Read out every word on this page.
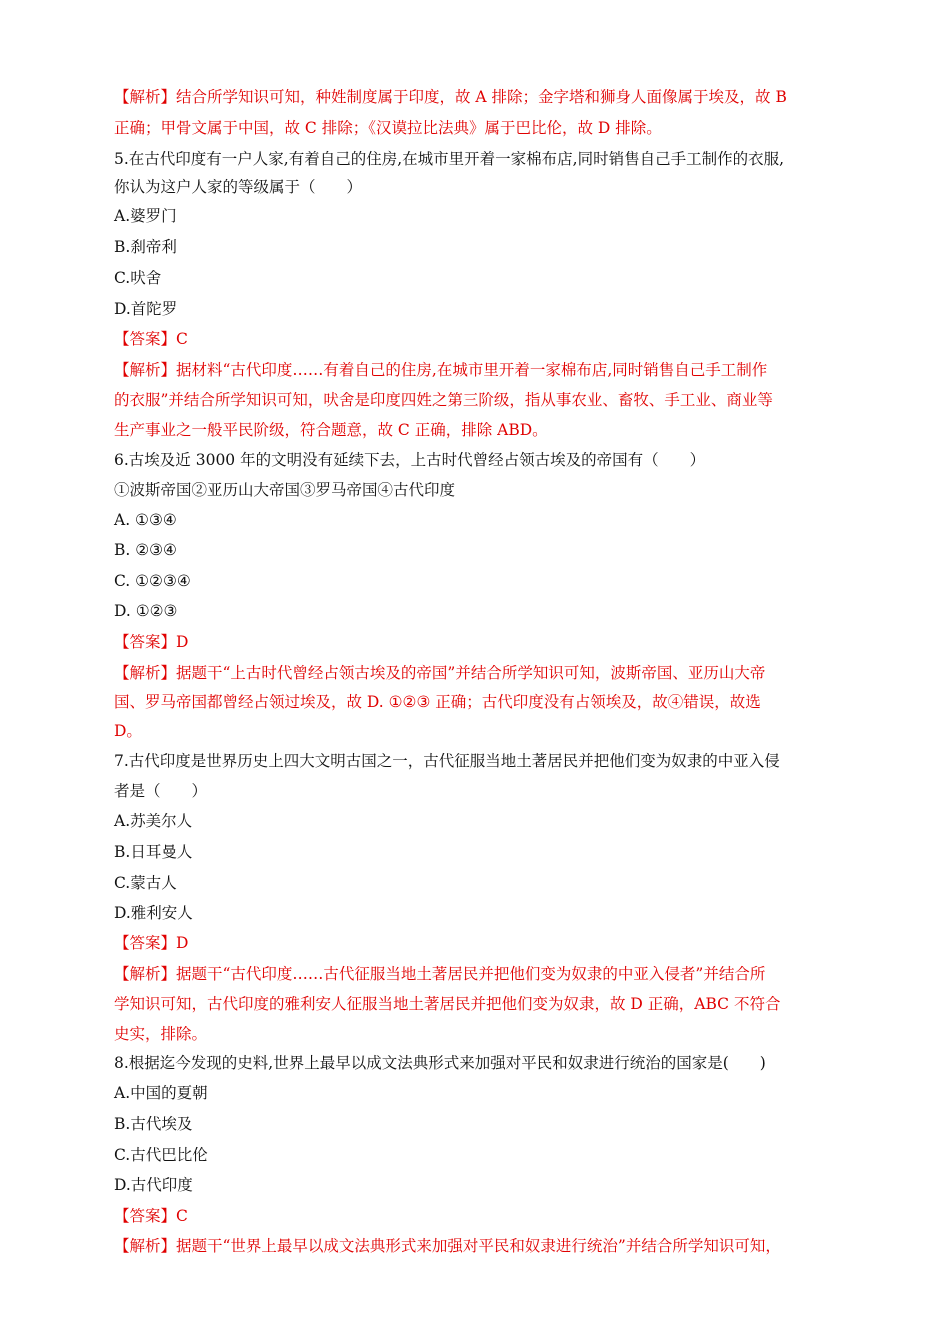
【解析】结合所学知识可知，种姓制度属于印度，故 A 排除；金字塔和狮身人面像属于埃及，故 B
正确；甲骨文属于中国，故 C 排除；《汉谟拉比法典》属于巴比伦，故 D 排除。
5.在古代印度有一户人家,有着自己的住房,在城市里开着一家棉布店,同时销售自己手工制作的衣服,
你认为这户人家的等级属于（　　）
A.婆罗门
B.刹帝利
C.吠舍
D.首陀罗
【答案】C
【解析】据材料“古代印度……有着自己的住房,在城市里开着一家棉布店,同时销售自己手工制作
的衣服”并结合所学知识可知，吠舍是印度四姓之第三阶级，指从事农业、畜牧、手工业、商业等
生产事业之一般平民阶级，符合题意，故 C 正确，排除 ABD。
6.古埃及近 3000 年的文明没有延续下去，上古时代曾经占领古埃及的帝国有（　　）
①波斯帝国②亚历山大帝国③罗马帝国④古代印度
A. ①③④
B. ②③④
C. ①②③④
D. ①②③
【答案】D
【解析】据题干“上古时代曾经占领古埃及的帝国”并结合所学知识可知，波斯帝国、亚历山大帝
国、罗马帝国都曾经占领过埃及，故 D. ①②③ 正确；古代印度没有占领埃及，故④错误，故选
D。
7.古代印度是世界历史上四大文明古国之一，古代征服当地土著居民并把他们变为奴隶的中亚入侵
者是（　　）
A.苏美尔人
B.日耳曼人
C.蒙古人
D.雅利安人
【答案】D
【解析】据题干“古代印度……古代征服当地土著居民并把他们变为奴隶的中亚入侵者”并结合所
学知识可知，古代印度的雅利安人征服当地土著居民并把他们变为奴隶，故 D 正确，ABC 不符合
史实，排除。
8.根据迄今发现的史料,世界上最早以成文法典形式来加强对平民和奴隶进行统治的国家是(　　)
A.中国的夏朝
B.古代埃及
C.古代巴比伦
D.古代印度
【答案】C
【解析】据题干“世界上最早以成文法典形式来加强对平民和奴隶进行统治”并结合所学知识可知，
